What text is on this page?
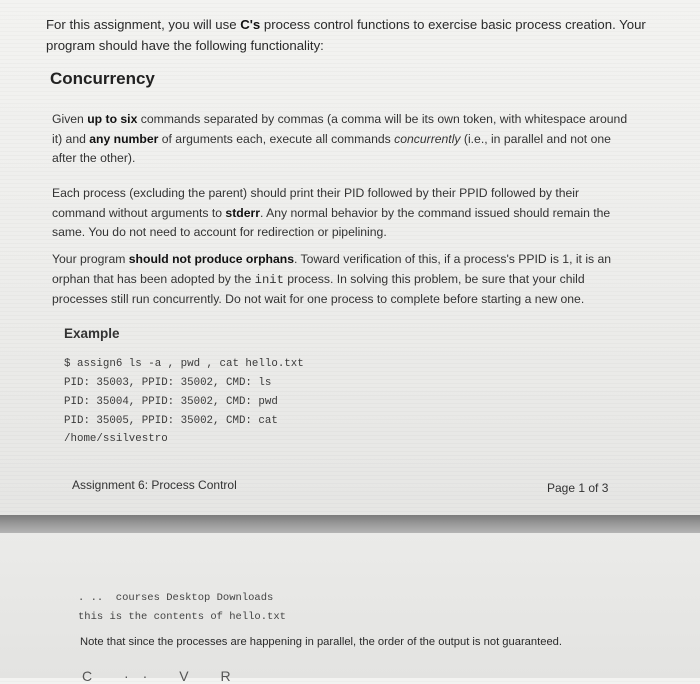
For this assignment, you will use C's process control functions to exercise basic process creation. Your program should have the following functionality:
Concurrency
Given up to six commands separated by commas (a comma will be its own token, with whitespace around it) and any number of arguments each, execute all commands concurrently (i.e., in parallel and not one after the other).
Each process (excluding the parent) should print their PID followed by their PPID followed by their command without arguments to stderr. Any normal behavior by the command issued should remain the same. You do not need to account for redirection or pipelining.
Your program should not produce orphans. Toward verification of this, if a process's PPID is 1, it is an orphan that has been adopted by the init process. In solving this problem, be sure that your child processes still run concurrently. Do not wait for one process to complete before starting a new one.
Example
$ assign6 ls -a , pwd , cat hello.txt
PID: 35003, PPID: 35002, CMD: ls
PID: 35004, PPID: 35002, CMD: pwd
PID: 35005, PPID: 35002, CMD: cat
/home/ssilvestro
Assignment 6: Process Control	Page 1 of 3
. ..  courses Desktop Downloads
this is the contents of hello.txt
Note that since the processes are happening in parallel, the order of the output is not guaranteed.
C ·· V R
